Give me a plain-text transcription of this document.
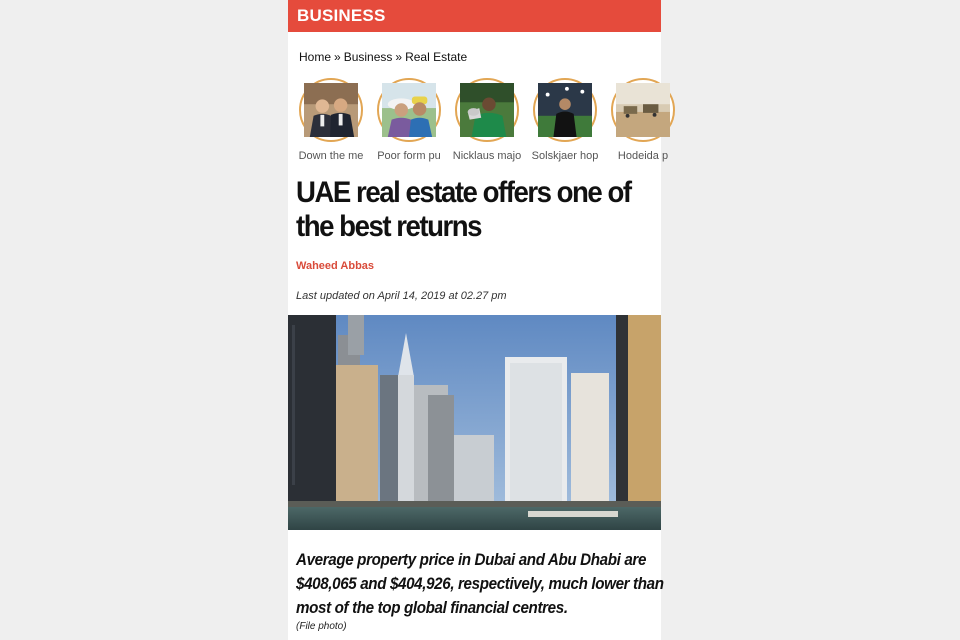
BUSINESS
Home » Business » Real Estate
Down the me Poor form pu Nicklaus majo Solskjaer hop	Hodeida p
UAE real estate offers one of the best returns
Waheed Abbas
Last updated on April 14, 2019 at 02.27 pm

Average property price in Dubai and Abu Dhabi are $408,065 and $404,926, respectively, much lower than most of the top global financial centres.

(File photo)
